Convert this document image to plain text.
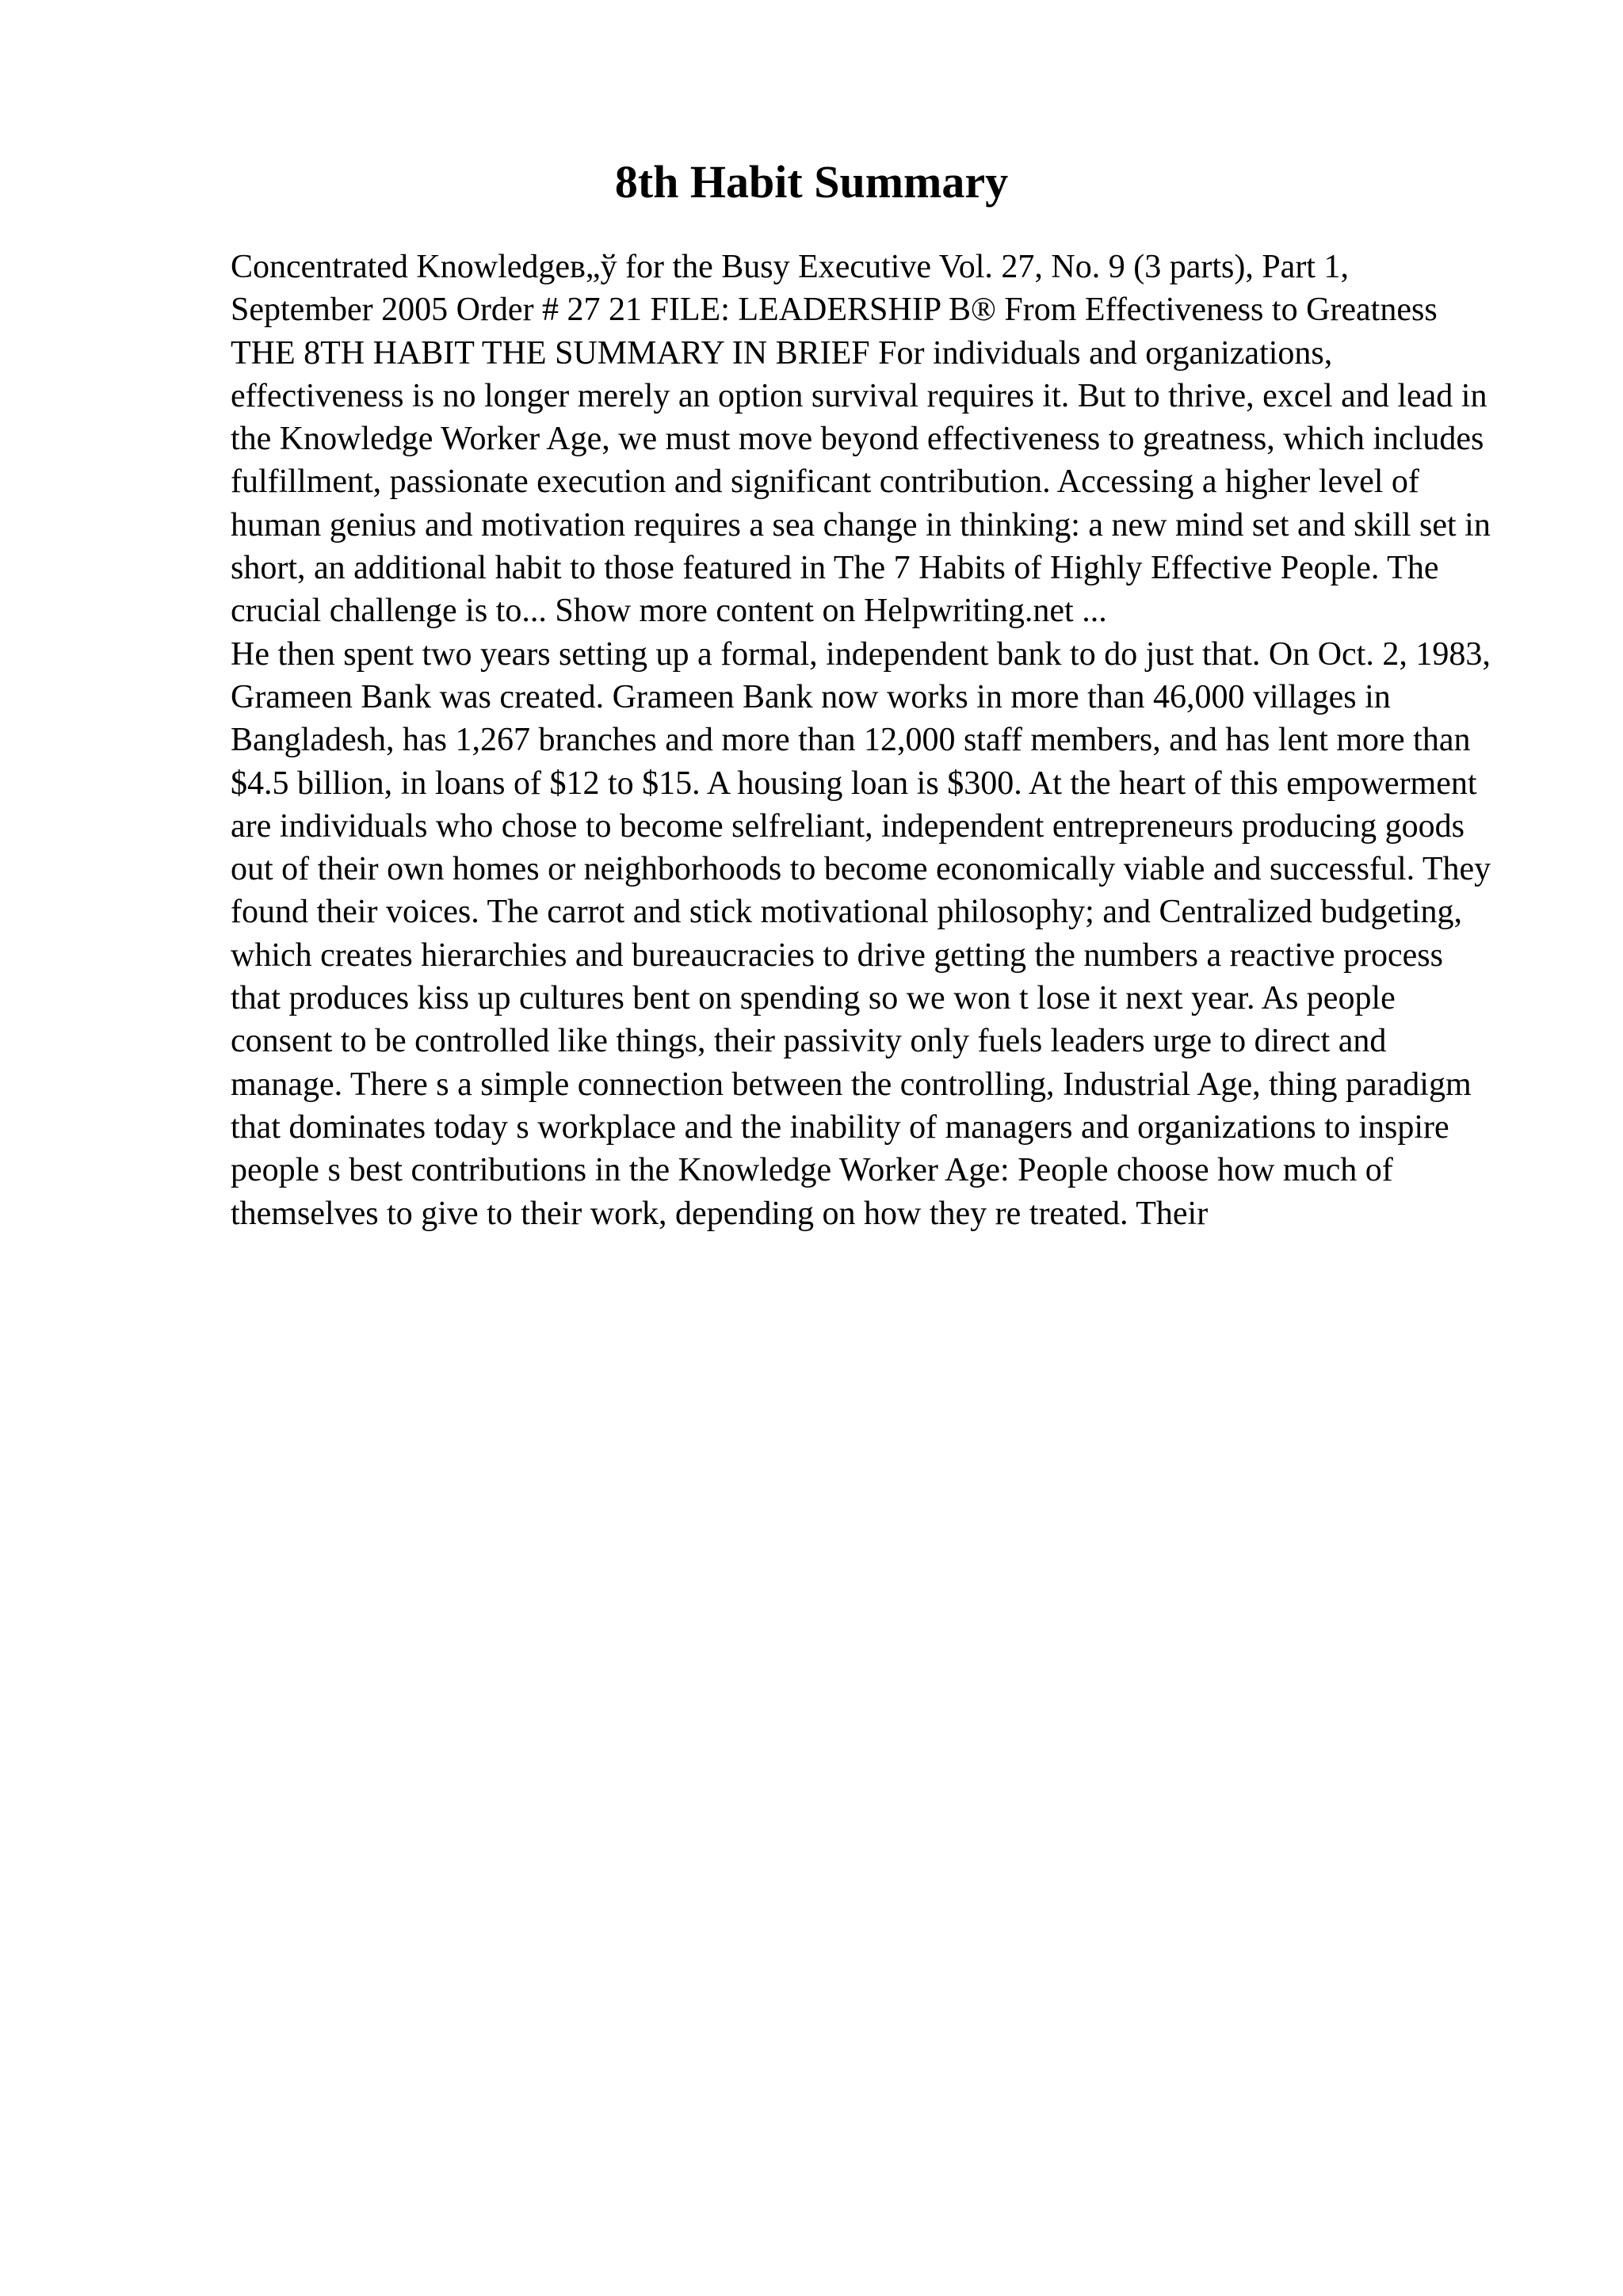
8th Habit Summary

Concentrated Knowledgeв„ў for the Busy Executive Vol. 27, No. 9 (3 parts), Part 1, September 2005 Order # 27 21 FILE: LEADERSHIP B® From Effectiveness to Greatness THE 8TH HABIT THE SUMMARY IN BRIEF For individuals and organizations, effectiveness is no longer merely an option survival requires it. But to thrive, excel and lead in the Knowledge Worker Age, we must move beyond effectiveness to greatness, which includes fulfillment, passionate execution and significant contribution. Accessing a higher level of human genius and motivation requires a sea change in thinking: a new mind set and skill set in short, an additional habit to those featured in The 7 Habits of Highly Effective People. The crucial challenge is to... Show more content on Helpwriting.net ...

He then spent two years setting up a formal, independent bank to do just that. On Oct. 2, 1983, Grameen Bank was created. Grameen Bank now works in more than 46,000 villages in Bangladesh, has 1,267 branches and more than 12,000 staff members, and has lent more than $4.5 billion, in loans of $12 to $15. A housing loan is $300. At the heart of this empowerment are individuals who chose to become selfreliant, independent entrepreneurs producing goods out of their own homes or neighborhoods to become economically viable and successful. They found their voices. The carrot and stick motivational philosophy; and Centralized budgeting, which creates hierarchies and bureaucracies to drive getting the numbers a reactive process that produces kiss up cultures bent on spending so we won t lose it next year. As people consent to be controlled like things, their passivity only fuels leaders urge to direct and manage. There s a simple connection between the controlling, Industrial Age, thing paradigm that dominates today s workplace and the inability of managers and organizations to inspire people s best contributions in the Knowledge Worker Age: People choose how much of themselves to give to their work, depending on how they re treated. Their
